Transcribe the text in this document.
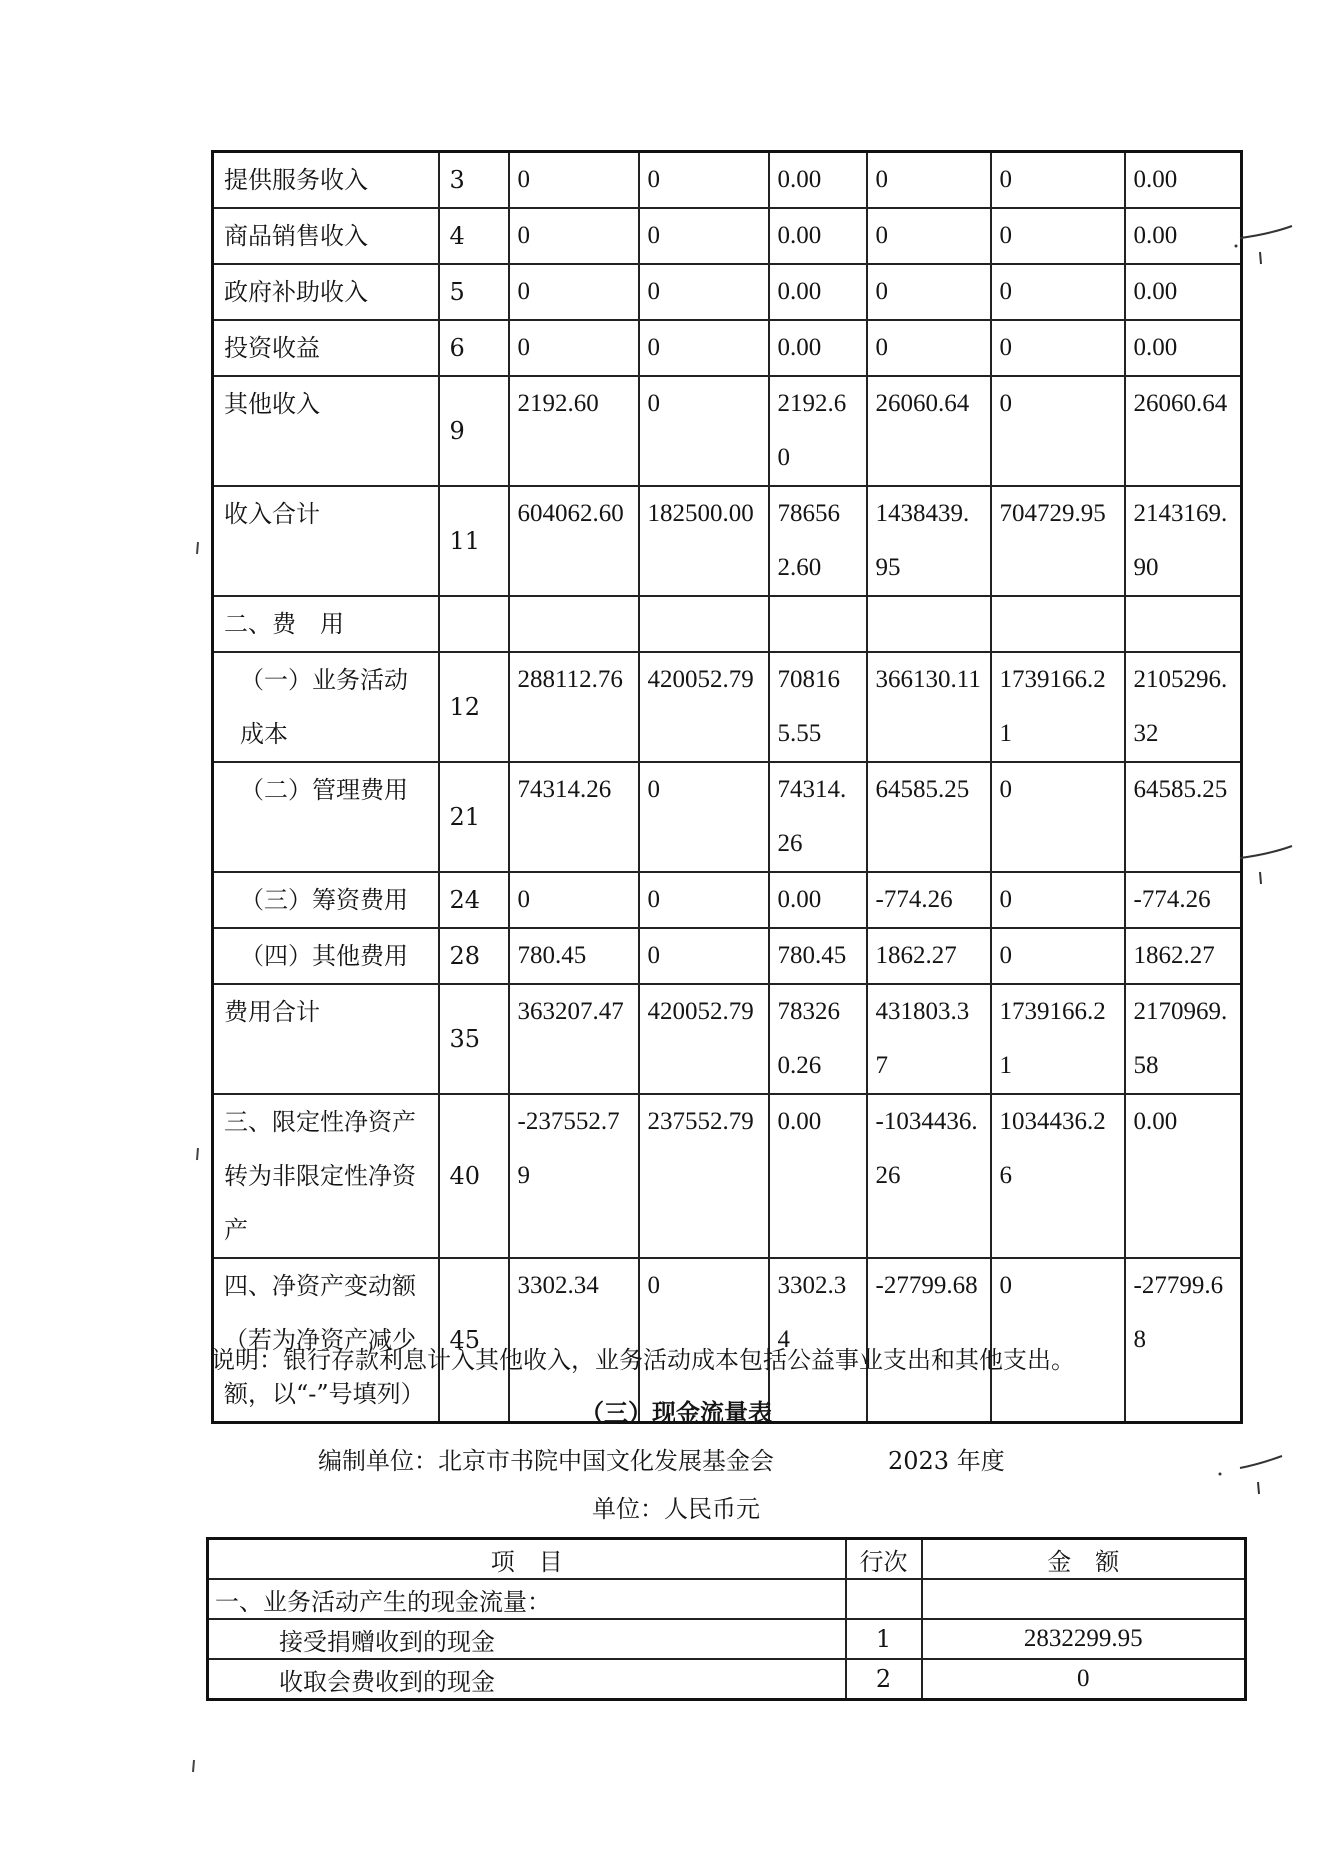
提供服务收入	3	0	0	0.00	0	0	0.00
商品销售收入	4	0	0	0.00	0	0	0.00
政府补助收入	5	0	0	0.00	0	0	0.00
投资收益	6	0	0	0.00	0	0	0.00
其他收入	9	2192.60	0	2192.60	26060.64	0	26060.64
收入合计	11	604062.60	182500.00	786562.60	1438439.95	704729.95	2143169.90
二、费　用							
（一）业务活动成本	12	288112.76	420052.79	708165.55	366130.11	1739166.21	2105296.32
（二）管理费用	21	74314.26	0	74314.26	64585.25	0	64585.25
（三）筹资费用	24	0	0	0.00	-774.26	0	-774.26
（四）其他费用	28	780.45	0	780.45	1862.27	0	1862.27
费用合计	35	363207.47	420052.79	783260.26	431803.37	1739166.21	2170969.58
三、限定性净资产转为非限定性净资产	40	-237552.79	237552.79	0.00	-1034436.26	1034436.26	0.00
四、净资产变动额（若为净资产减少额，以“-”号填列）	45	3302.34	0	3302.34	-27799.68	0	-27799.68
说明：银行存款利息计入其他收入，业务活动成本包括公益事业支出和其他支出。
（三）现金流量表
编制单位：北京市书院中国文化发展基金会	2023 年度
单位：人民币元
项　目	行次	金　额
一、业务活动产生的现金流量：		
接受捐赠收到的现金	1	2832299.95
收取会费收到的现金	2	0
